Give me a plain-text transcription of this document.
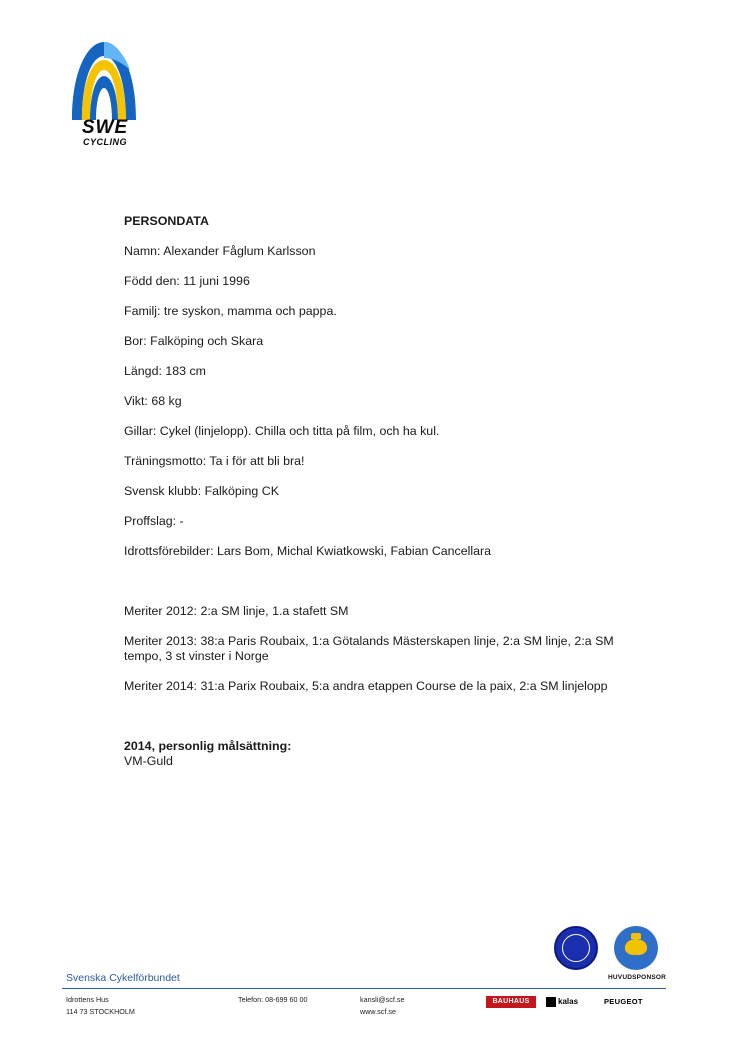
SWE
CYCLING
PERSONDATA
Namn: Alexander Fåglum Karlsson
Född den: 11 juni 1996
Familj: tre syskon, mamma och pappa.
Bor: Falköping och Skara
Längd: 183 cm
Vikt: 68 kg
Gillar: Cykel (linjelopp). Chilla och titta på film, och ha kul.
Träningsmotto: Ta i för att bli bra!
Svensk klubb: Falköping CK
Proffslag: -
Idrottsförebilder: Lars Bom, Michal Kwiatkowski, Fabian Cancellara
Meriter 2012: 2:a SM linje, 1.a stafett SM
Meriter 2013: 38:a Paris Roubaix, 1:a Götalands Mästerskapen linje, 2:a SM linje, 2:a SM tempo, 3 st vinster i Norge
Meriter 2014: 31:a Parix Roubaix, 5:a andra etappen Course de la paix, 2:a SM linjelopp
2014, personlig målsättning:
VM-Guld
HUVUDSPONSOR
Svenska Cykelförbundet
Idrottens Hus
114 73 STOCKHOLM
Telefon: 08-699 60 00	kansli@scf.se
www.scf.se
BAUHAUS	kalas	PEUGEOT
